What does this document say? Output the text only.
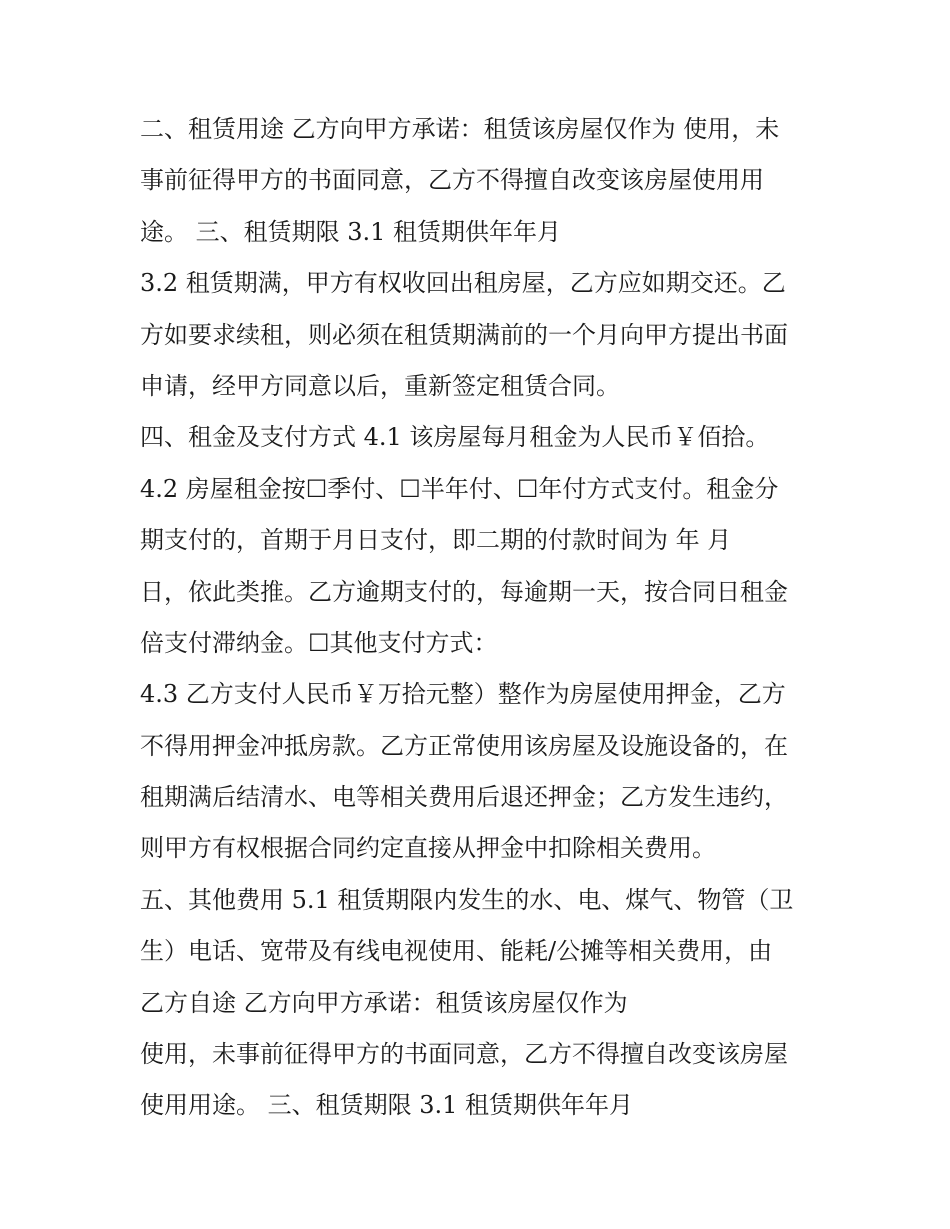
二、租赁用途 乙方向甲方承诺：租赁该房屋仅作为 使用，未
事前征得甲方的书面同意，乙方不得擅自改变该房屋使用用
途。 三、租赁期限 3.1 租赁期供年年月
3.2 租赁期满，甲方有权收回出租房屋，乙方应如期交还。乙
方如要求续租，则必须在租赁期满前的一个月向甲方提出书面
申请，经甲方同意以后，重新签定租赁合同。
四、租金及支付方式 4.1 该房屋每月租金为人民币￥佰拾。
4.2 房屋租金按☐季付、☐半年付、☐年付方式支付。租金分
期支付的，首期于月日支付，即二期的付款时间为 年 月
日，依此类推。乙方逾期支付的，每逾期一天，按合同日租金
倍支付滞纳金。☐其他支付方式：
4.3 乙方支付人民币￥万拾元整）整作为房屋使用押金，乙方
不得用押金冲抵房款。乙方正常使用该房屋及设施设备的，在
租期满后结清水、电等相关费用后退还押金；乙方发生违约，
则甲方有权根据合同约定直接从押金中扣除相关费用。
五、其他费用 5.1 租赁期限内发生的水、电、煤气、物管（卫
生）电话、宽带及有线电视使用、能耗/公摊等相关费用，由
乙方自途 乙方向甲方承诺：租赁该房屋仅作为
使用，未事前征得甲方的书面同意，乙方不得擅自改变该房屋
使用用途。 三、租赁期限 3.1 租赁期供年年月
